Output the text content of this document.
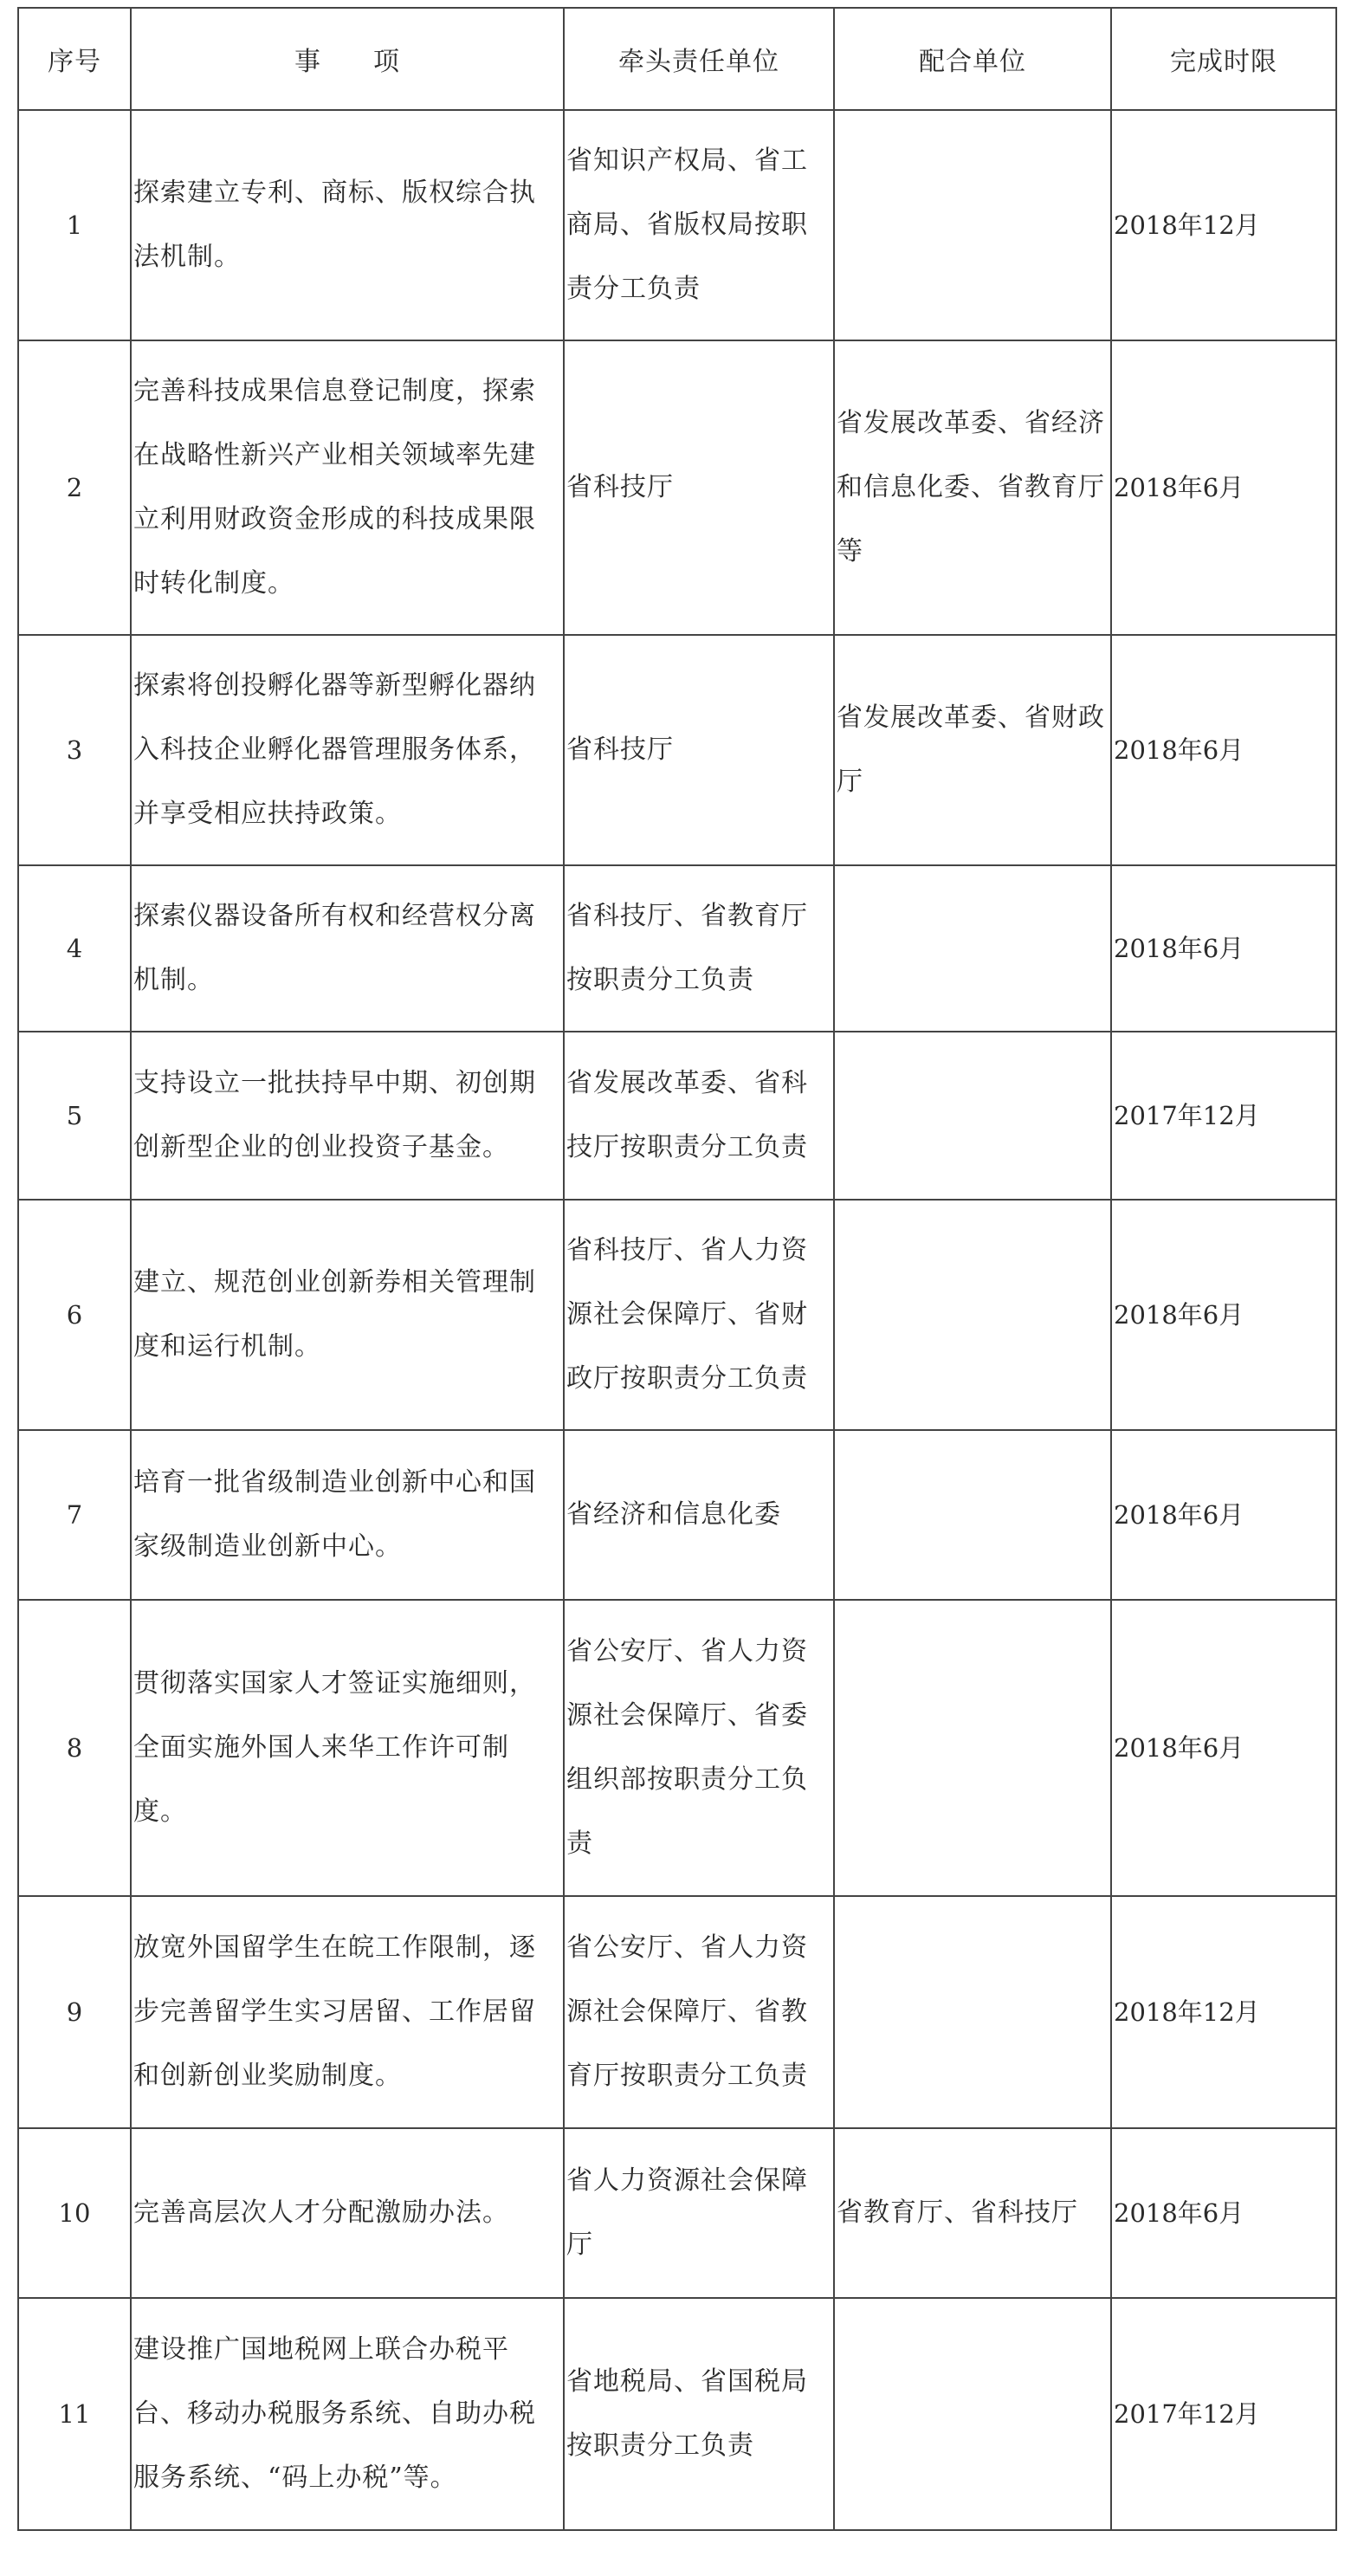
序号	事 项	牵头责任单位	配合单位	完成时限
1	探索建立专利、商标、版权综合执法机制。	省知识产权局、省工商局、省版权局按职责分工负责		2018年12月
2	完善科技成果信息登记制度，探索在战略性新兴产业相关领域率先建立利用财政资金形成的科技成果限时转化制度。	省科技厅	省发展改革委、省经济和信息化委、省教育厅等	2018年6月
3	探索将创投孵化器等新型孵化器纳入科技企业孵化器管理服务体系，并享受相应扶持政策。	省科技厅	省发展改革委、省财政厅	2018年6月
4	探索仪器设备所有权和经营权分离机制。	省科技厅、省教育厅按职责分工负责		2018年6月
5	支持设立一批扶持早中期、初创期创新型企业的创业投资子基金。	省发展改革委、省科技厅按职责分工负责		2017年12月
6	建立、规范创业创新券相关管理制度和运行机制。	省科技厅、省人力资源社会保障厅、省财政厅按职责分工负责		2018年6月
7	培育一批省级制造业创新中心和国家级制造业创新中心。	省经济和信息化委		2018年6月
8	贯彻落实国家人才签证实施细则，全面实施外国人来华工作许可制度。	省公安厅、省人力资源社会保障厅、省委组织部按职责分工负责		2018年6月
9	放宽外国留学生在皖工作限制，逐步完善留学生实习居留、工作居留和创新创业奖励制度。	省公安厅、省人力资源社会保障厅、省教育厅按职责分工负责		2018年12月
10	完善高层次人才分配激励办法。	省人力资源社会保障厅	省教育厅、省科技厅	2018年6月
11	建设推广国地税网上联合办税平台、移动办税服务系统、自助办税服务系统、“码上办税”等。	省地税局、省国税局按职责分工负责		2017年12月
